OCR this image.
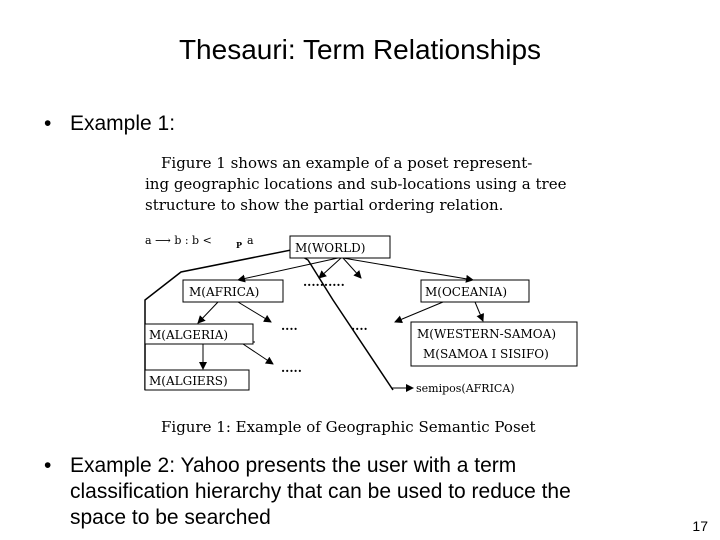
Thesauri: Term Relationships
• Example 1:
Figure 1 shows an example of a poset represent-
ing geographic locations and sub-locations using a tree
structure to show the partial ordering relation.
a ⟶ b : b <	P a
M(WORLD)
M(AFRICA)	M(OCEANIA)
M(ALGERIA)
M(ALGIERS)
M(WESTERN-SAMOA)
M(SAMOA I SISIFO)
..........
....	....
.....
semipos(AFRICA)
Figure 1: Example of Geographic Semantic Poset
• Example 2: Yahoo presents the user with a term
classification hierarchy that can be used to reduce the
space to be searched	17
